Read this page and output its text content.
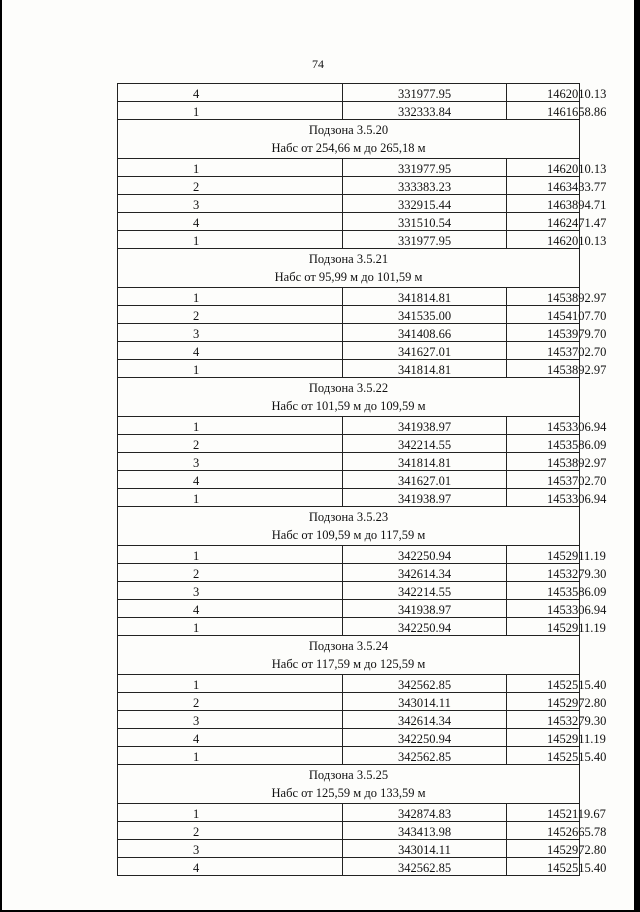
74
4	331977.95	1462010.13
1	332333.84	1461658.86

Подзона 3.5.20
Набс от 254,66 м до 265,18 м		

1	331977.95	1462010.13
2	333383.23	1463433.77
3	332915.44	1463894.71
4	331510.54	1462471.47
1	331977.95	1462010.13

Подзона 3.5.21
Набс от 95,99 м до 101,59 м		

1	341814.81	1453892.97
2	341535.00	1454107.70
3	341408.66	1453979.70
4	341627.01	1453702.70
1	341814.81	1453892.97

Подзона 3.5.22
Набс от 101,59 м до 109,59 м		

1	341938.97	1453306.94
2	342214.55	1453586.09
3	341814.81	1453892.97
4	341627.01	1453702.70
1	341938.97	1453306.94

Подзона 3.5.23
Набс от 109,59 м до 117,59 м		

1	342250.94	1452911.19
2	342614.34	1453279.30
3	342214.55	1453586.09
4	341938.97	1453306.94
1	342250.94	1452911.19

Подзона 3.5.24
Набс от 117,59 м до 125,59 м		

1	342562.85	1452515.40
2	343014.11	1452972.80
3	342614.34	1453279.30
4	342250.94	1452911.19
1	342562.85	1452515.40

Подзона 3.5.25
Набс от 125,59 м до 133,59 м		

1	342874.83	1452119.67
2	343413.98	1452665.78
3	343014.11	1452972.80
4	342562.85	1452515.40
